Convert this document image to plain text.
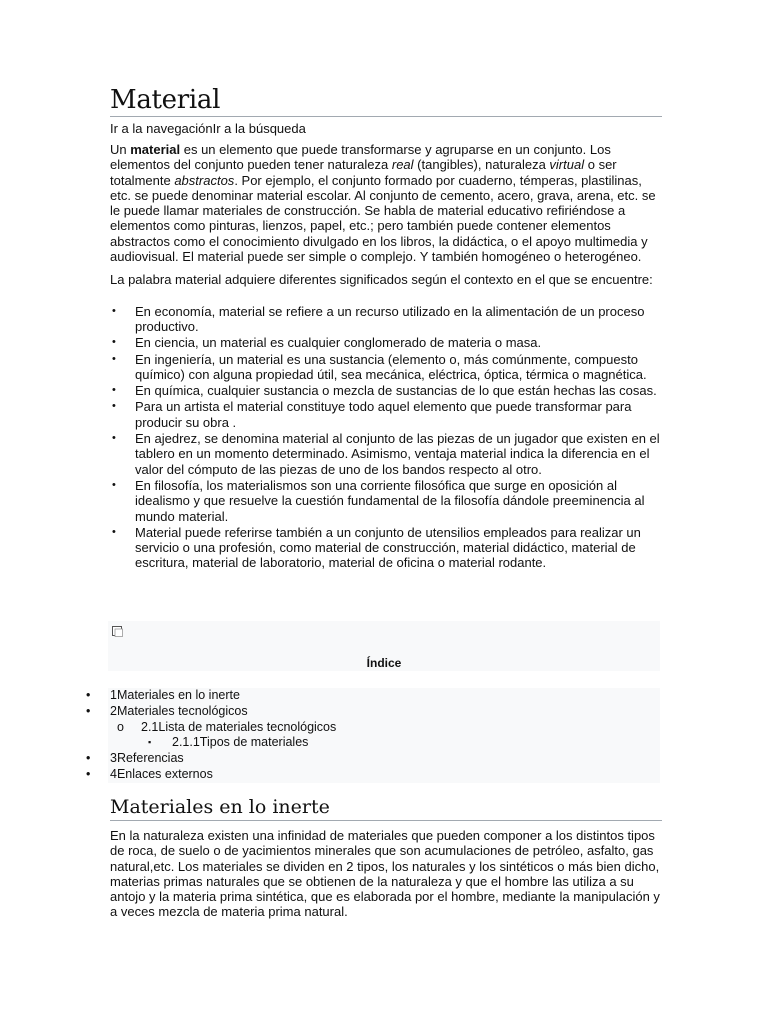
Material
Ir a la navegaciónIr a la búsqueda

Un material es un elemento que puede transformarse y agruparse en un conjunto. Los elementos del conjunto pueden tener naturaleza real (tangibles), naturaleza virtual o ser totalmente abstractos. Por ejemplo, el conjunto formado por cuaderno, témperas, plastilinas, etc. se puede denominar material escolar. Al conjunto de cemento, acero, grava, arena, etc. se le puede llamar materiales de construcción. Se habla de material educativo refiriéndose a elementos como pinturas, lienzos, papel, etc.; pero también puede contener elementos abstractos como el conocimiento divulgado en los libros, la didáctica, o el apoyo multimedia y audiovisual. El material puede ser simple o complejo. Y también homogéneo o heterogéneo.

La palabra material adquiere diferentes significados según el contexto en el que se encuentre:

• En economía, material se refiere a un recurso utilizado en la alimentación de un proceso productivo.
• En ciencia, un material es cualquier conglomerado de materia o masa.
• En ingeniería, un material es una sustancia (elemento o, más comúnmente, compuesto químico) con alguna propiedad útil, sea mecánica, eléctrica, óptica, térmica o magnética.
• En química, cualquier sustancia o mezcla de sustancias de lo que están hechas las cosas.
• Para un artista el material constituye todo aquel elemento que puede transformar para producir su obra .
• En ajedrez, se denomina material al conjunto de las piezas de un jugador que existen en el tablero en un momento determinado. Asimismo, ventaja material indica la diferencia en el valor del cómputo de las piezas de uno de los bandos respecto al otro.
• En filosofía, los materialismos son una corriente filosófica que surge en oposición al idealismo y que resuelve la cuestión fundamental de la filosofía dándole preeminencia al mundo material.
• Material puede referirse también a un conjunto de utensilios empleados para realizar un servicio o una profesión, como material de construcción, material didáctico, material de escritura, material de laboratorio, material de oficina o material rodante.
Índice
• 1Materiales en lo inerte
• 2Materiales tecnológicos
o 2.1Lista de materiales tecnológicos
▪ 2.1.1Tipos de materiales
• 3Referencias
• 4Enlaces externos
Materiales en lo inerte

En la naturaleza existen una infinidad de materiales que pueden componer a los distintos tipos de roca, de suelo o de yacimientos minerales que son acumulaciones de petróleo, asfalto, gas natural,etc. Los materiales se dividen en 2 tipos, los naturales y los sintéticos o más bien dicho, materias primas naturales que se obtienen de la naturaleza y que el hombre las utiliza a su antojo y la materia prima sintética, que es elaborada por el hombre, mediante la manipulación y a veces mezcla de materia prima natural.
